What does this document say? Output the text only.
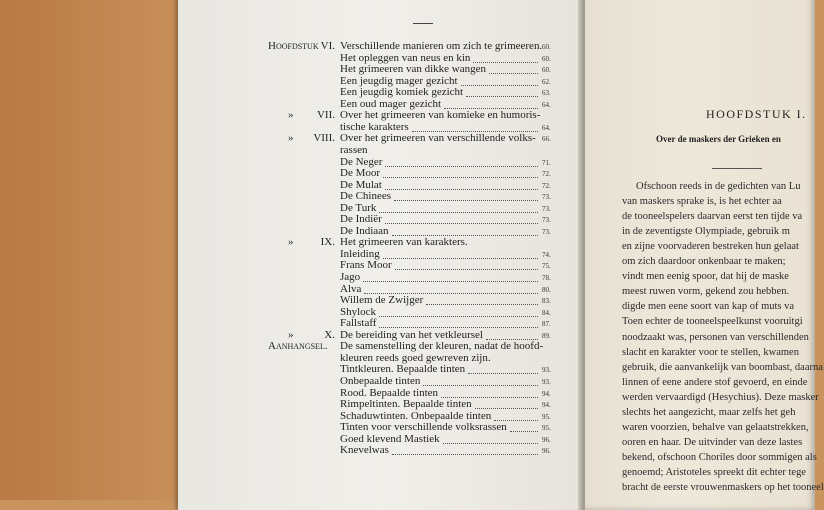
Hoofdstuk VI. Verschillende manieren om zich te grimeeren. 60.
Het opleggen van neus en kin	60.
Het grimeeren van dikke wangen	60.
Een jeugdig mager gezicht	62.
Een jeugdig komiek gezicht	63.
Een oud mager gezicht	64.
» VII. Over het grimeeren van komieke en humoris-
tische karakters	64.
» VIII. Over het grimeeren van verschillende volks- 66.
rassen
De Neger	71.
De Moor	72.
De Mulat	72.
De Chinees	73.
De Turk	73.
De Indiër	73.
De Indiaan	73.
» IX. Het grimeeren van karakters.
Inleiding	74.
Frans Moor	75.
Jago	78.
Alva	80.
Willem de Zwijger	83.
Shylock	84.
Fallstaff	87.
»	X. De bereiding van het vetkleursel	89.
Aanhangsel. De samenstelling der kleuren, nadat de hoofd-
kleuren reeds goed gewreven zijn.
Tintkleuren. Bepaalde tinten	93.
Onbepaalde tinten	93.
Rood. Bepaalde tinten	94.
Rimpeltinten. Bepaalde tinten	94.
Schaduwtinten. Onbepaalde tinten	95.
Tinten voor verschillende volksrassen	95.
Goed klevend Mastiek	96.
Knevelwas	96.
HOOFDSTUK I.
Over de maskers der Grieken en
Ofschoon reeds in de gedichten van Lu
van maskers sprake is, is het echter aa
de tooneelspelers daarvan eerst ten tijde va
in de zeventigste Olympiade, gebruik m
en zijne voorvaderen bestreken hun gelaat
om zich daardoor onkenbaar te maken;
vindt men eenig spoor, dat hij de maske
meest ruwen vorm, gekend zou hebben.
digde men eene soort van kap of muts va
Toen echter de tooneelspeelkunst vooruitgi
noodzaakt was, personen van verschillenden
slacht en karakter voor te stellen, kwamen
gebruik, die aanvankelijk van boombast, daarna
linnen of eene andere stof gevoerd, en einde
werden vervaardigd (Hesychius). Deze masker
slechts het aangezicht, maar zelfs het geh
waren voorzien, behalve van gelaatstrekken,
ooren en haar. De uitvinder van deze lastes
bekend, ofschoon Choriles door sommigen als
genoemd; Aristoteles spreekt dit echter tege
bracht de eerste vrouwenmaskers op het tooneel
